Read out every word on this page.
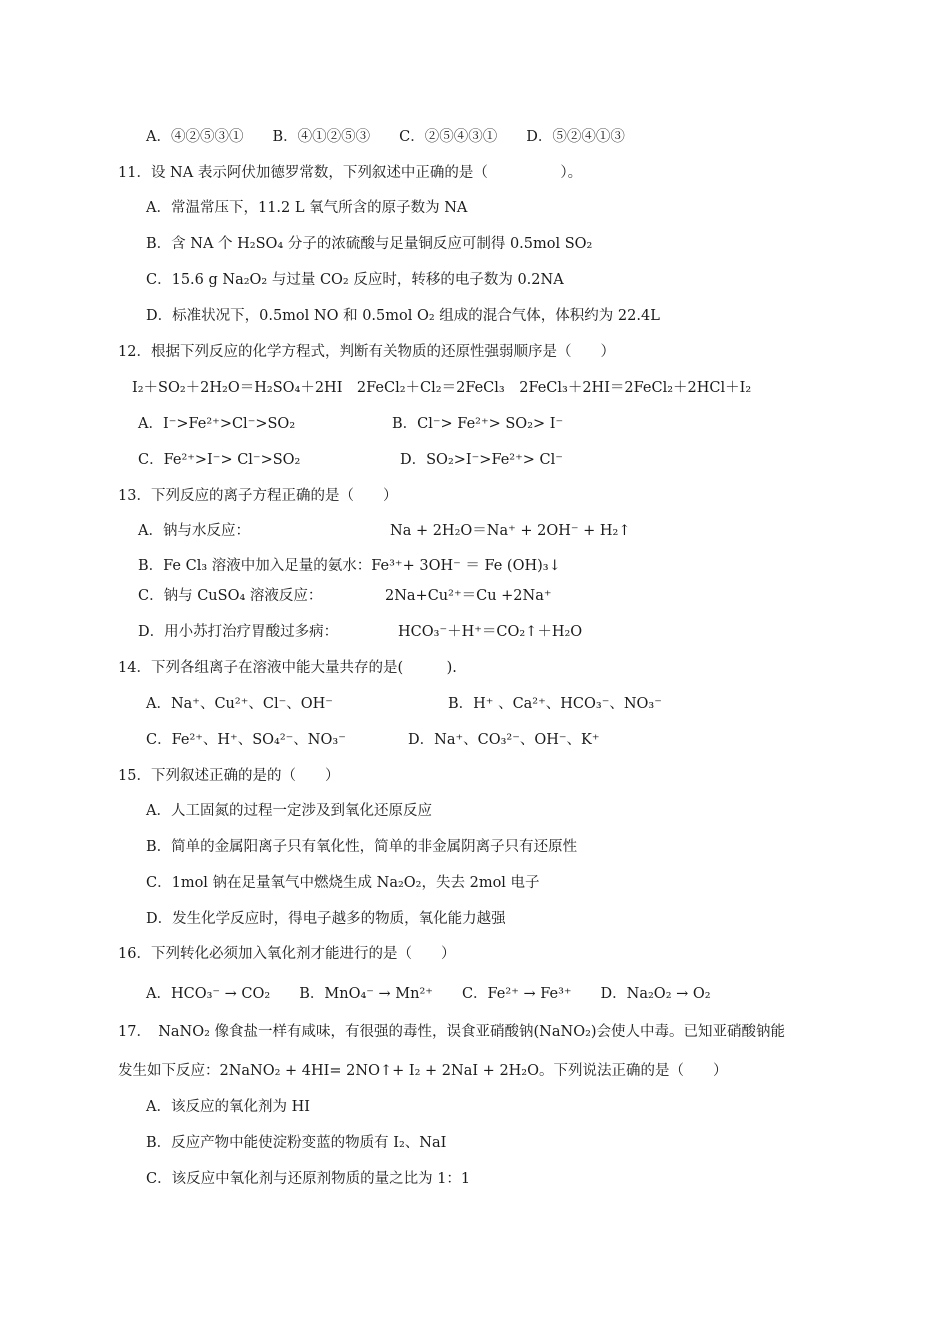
A．④②⑤③①　　B．④①②⑤③　　C．②⑤④③①　　D．⑤②④①③
11．设 NA 表示阿伏加德罗常数，下列叙述中正确的是（　　　　　）。
A．常温常压下，11.2 L 氧气所含的原子数为 NA
B．含 NA 个 H₂SO₄ 分子的浓硫酸与足量铜反应可制得 0.5mol SO₂
C．15.6 g Na₂O₂ 与过量 CO₂ 反应时，转移的电子数为 0.2NA
D．标准状况下，0.5mol NO 和 0.5mol O₂ 组成的混合气体，体积约为 22.4L
12．根据下列反应的化学方程式，判断有关物质的还原性强弱顺序是（　　）
I₂＋SO₂＋2H₂O＝H₂SO₄＋2HI　2FeCl₂＋Cl₂＝2FeCl₃　2FeCl₃＋2HI＝2FeCl₂＋2HCl＋I₂
A．I⁻>Fe²⁺>Cl⁻>SO₂	B．Cl⁻> Fe²⁺> SO₂> I⁻
C．Fe²⁺>I⁻> Cl⁻>SO₂	D．SO₂>I⁻>Fe²⁺> Cl⁻
13．下列反应的离子方程正确的是（　　）
A．钠与水反应：	Na + 2H₂O＝Na⁺ + 2OH⁻ + H₂↑
B．Fe Cl₃ 溶液中加入足量的氨水：Fe³⁺+ 3OH⁻ ＝ Fe (OH)₃↓
C．钠与 CuSO₄ 溶液反应：	2Na+Cu²⁺＝Cu +2Na⁺
D．用小苏打治疗胃酸过多病：	HCO₃⁻＋H⁺＝CO₂↑＋H₂O
14．下列各组离子在溶液中能大量共存的是(　　　).
A．Na⁺、Cu²⁺、Cl⁻、OH⁻	B．H⁺ 、Ca²⁺、HCO₃⁻、NO₃⁻
C．Fe²⁺、H⁺、SO₄²⁻、NO₃⁻	D．Na⁺、CO₃²⁻、OH⁻、K⁺
15．下列叙述正确的是的（　　）
A．人工固氮的过程一定涉及到氧化还原反应
B．简单的金属阳离子只有氧化性，简单的非金属阴离子只有还原性
C．1mol 钠在足量氧气中燃烧生成 Na₂O₂，失去 2mol 电子
D．发生化学反应时，得电子越多的物质，氧化能力越强
16．下列转化必须加入氧化剂才能进行的是（　　）
A．HCO₃⁻ → CO₂　　B．MnO₄⁻ → Mn²⁺　　C．Fe²⁺ → Fe³⁺　　D．Na₂O₂ → O₂
17．　NaNO₂ 像食盐一样有咸味，有很强的毒性，误食亚硝酸钠(NaNO₂)会使人中毒。已知亚硝酸钠能
发生如下反应：2NaNO₂ + 4HI= 2NO↑+ I₂ + 2NaI + 2H₂O。下列说法正确的是（　　）
A．该反应的氧化剂为 HI
B．反应产物中能使淀粉变蓝的物质有 I₂、NaI
C．该反应中氧化剂与还原剂物质的量之比为 1：1
